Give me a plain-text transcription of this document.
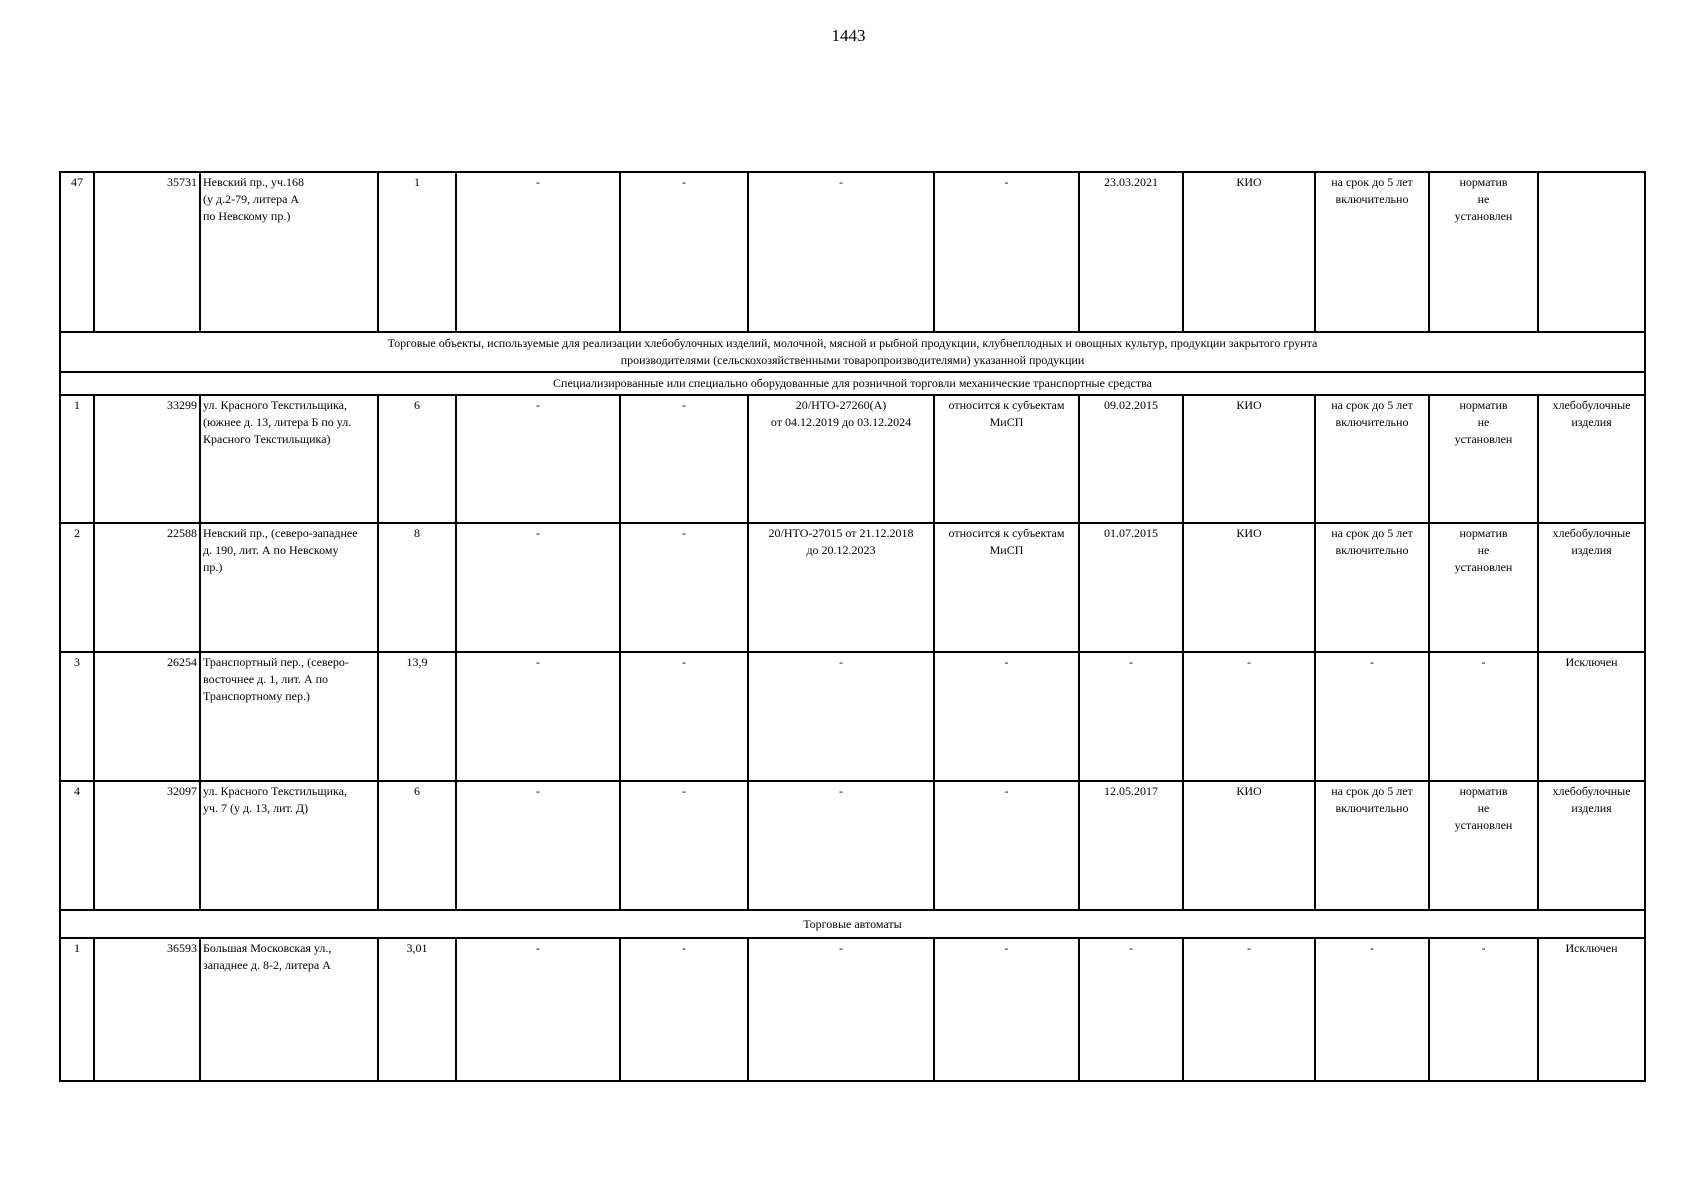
1443
47	35731	Невский пр., уч.168
(у д.2-79, литера А
по Невскому пр.)	1	-	-	-	-	23.03.2021	КИО	на срок до 5 лет
включительно	норматив
не
установлен	

Торговые объекты, используемые для реализации хлебобулочных изделий, молочной, мясной и рыбной продукции, клубнеплодных и овощных культур, продукции закрытого грунта
производителями (сельскохозяйственными товаропроизводителями) указанной продукции												

Специализированные или специально оборудованные для розничной торговли механические транспортные средства												

1	33299	ул. Красного Текстильщика,
(южнее д. 13, литера Б по ул.
Красного Текстильщика)	6	-	-	20/НТО-27260(А)
от 04.12.2019 до 03.12.2024	относится к субъектам
МиСП	09.02.2015	КИО	на срок до 5 лет
включительно	норматив
не
установлен	хлебобулочные
изделия

2	22588	Невский пр., (северо-западнее
д. 190, лит. А по Невскому
пр.)	8	-	-	20/НТО-27015 от 21.12.2018
до 20.12.2023	относится к субъектам
МиСП	01.07.2015	КИО	на срок до 5 лет
включительно	норматив
не
установлен	хлебобулочные
изделия

3	26254	Транспортный пер., (северо-
восточнее д. 1, лит. А по
Транспортному пер.)	13,9	-	-	-	-	-	-	-	-	Исключен

4	32097	ул. Красного Текстильщика,
уч. 7 (у д. 13, лит. Д)	6	-	-	-	-	12.05.2017	КИО	на срок до 5 лет
включительно	норматив
не
установлен	хлебобулочные
изделия

Торговые автоматы												

1	36593	Большая Московская ул.,
западнее д. 8-2, литера А	3,01	-	-	-	-	-	-	-	-	Исключен
